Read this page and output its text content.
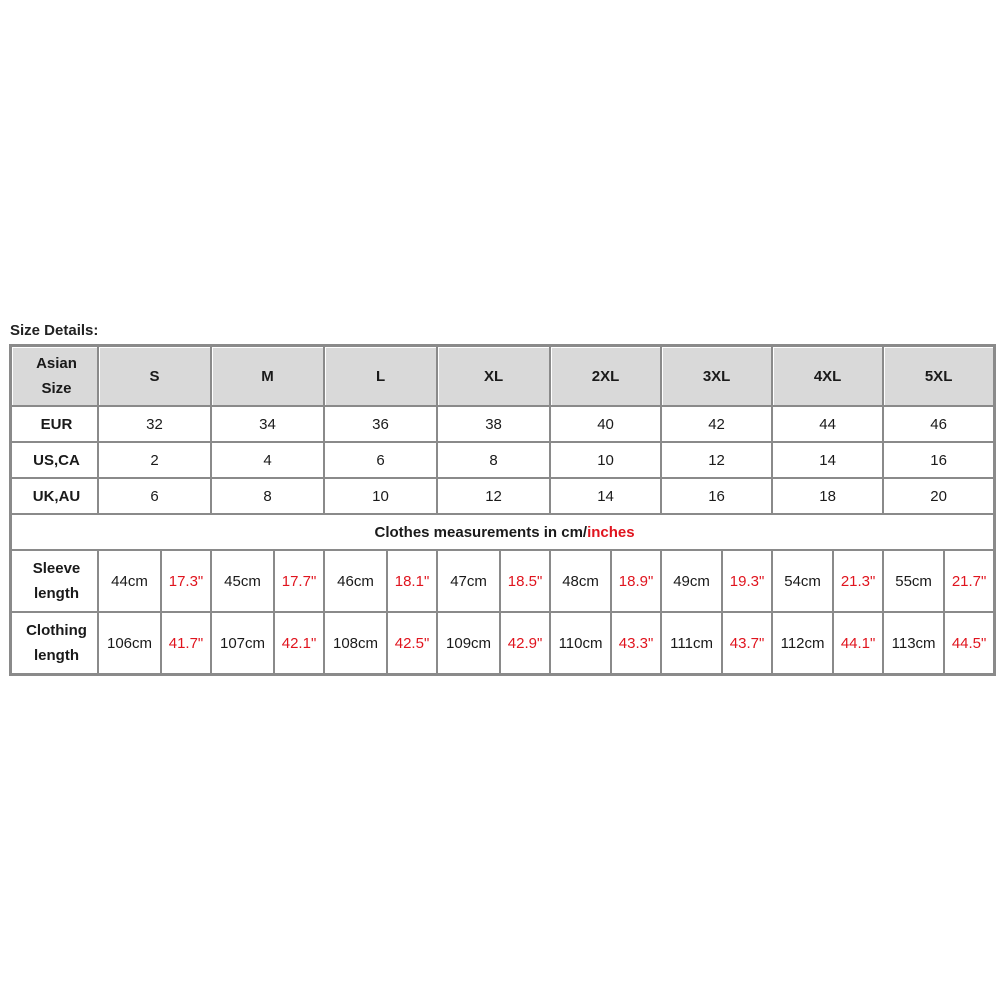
Size Details:
Asian
Size	S		M		L		XL		2XL		3XL		4XL		5XL	
EUR	32		34		36		38		40		42		44		46	
US,CA	2		4		6		8		10		12		14		16	
UK,AU	6		8		10		12		14		16		18		20	
Clothes measurements in cm/inches																

Sleeve
length	44cm	17.3"	45cm	17.7"	46cm	18.1"	47cm	18.5"	48cm	18.9"	49cm	19.3"	54cm	21.3"	55cm	21.7"

Clothing
length	106cm	41.7"	107cm	42.1"	108cm	42.5"	109cm	42.9"	110cm	43.3"	111cm	43.7"	112cm	44.1"	113cm	44.5"
